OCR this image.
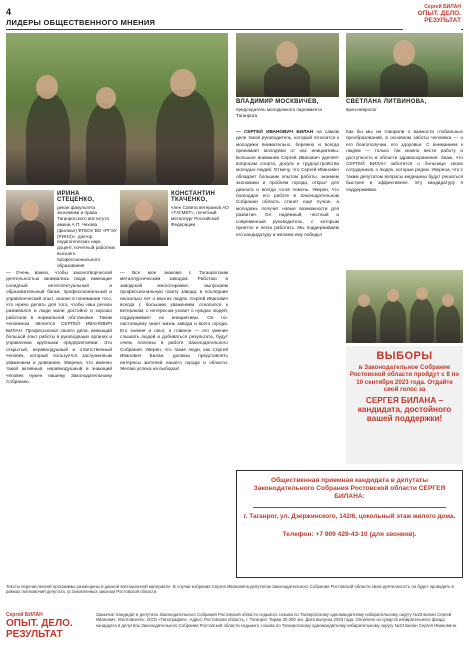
4
ЛИДЕРЫ ОБЩЕСТВЕННОГО МНЕНИЯ
Сергей БИЛАН
ОПЫТ. ДЕЛО. РЕЗУЛЬТАТ
ВЛАДИМИР МОСКВИЧЕВ,
председатель молодежного парламента Таганрога
СВЕТЛАНА ЛИТВИНОВА,
врач-невролог
ИРИНА СТЕЦЕНКО,
декан факультета экономики и права Таганрогского института имени А.П. Чехова (филиал) ФГБОУ ВО «РГЭУ (РИНХ)», доктор педагогических наук, доцент, почетный работник высшего профессионального образования
КОНСТАНТИН ТКАЧЕНКО,
член Совета ветеранов АО «ТАГМЕТ», почетный металлург Российской Федерации
— Очень важно, чтобы законотворческой деятельностью занимались люди, имеющие солидный интеллектуальный и образовательный багаж, профессиональный и управленческий опыт, знания в понимании того, что нужно делать для того, чтобы наш регион развивался и люди жили достойно и хорошо работали в нормальной обстановке. Таким человеком является СЕРГЕЙ ИВАНОВИЧ БИЛАН. Профессионал своего дела, имеющий большой опыт работы в руководящих органах и управлении крупными предприятиями. Это открытый, неравнодушный и ответственный человек, который пользуется заслуженным уважением и доверием. Уверена, что именно такой активный, неравнодушный и знающий человек нужен нашему Законодательному Собранию.
— Все мое знакомо с Таганрогским металлургическим заводом. Работаю в заводской многотиражке, выпускаем профессиональную газету завода, в последние несколько лет о многих людях. Сергей Иванович всегда с большим уважением относился к ветеранам, с интересом узнает о нуждах людей, поддерживает их инициативы. Он по-настоящему знает жизнь завода и всего города. Его знания и опыт, а главное — его умение слышать людей и добиваться результата, будут очень полезны в работе Законодательного Собрания. Уверен, что такие люди, как Сергей Иванович Билан, должны представлять интересы жителей нашего города и области. Желаю успеха на выборах!
— СЕРГЕЙ ИВАНОВИЧ БИЛАН на самом деле такой руководитель, который относится к молодежи внимательно, бережно и всегда принимает молодежи от нас инициативы. Большое внимание Сергей Иванович уделяет вопросам спорта, досуга и трудоустройства молодых людей. Отмечу, что Сергей Иванович обладает большим опытом работы, знанием экономики и проблем города, открыт для диалога и всегда готов помочь. Уверен, что благодаря его работе в Законодательном Собрании область станет ещё лучше, а молодежь получит новые возможности для развития. Он надежный, честный и современный руководитель, с которым приятно и легко работать. Мы поддерживаем его кандидатуру и желаем ему победы!
Как бы мы ни говорили о важности глобальных преобразований, в основном заботы человека — о его благополучии, его здоровье. С вниманием к людям — только так можно вести работу и доступность в области здравоохранения. Знаю, что СЕРГЕЙ БИЛАН заботится о больнице своих сотрудников, о людях, которые рядом. Уверена, что с таким депутатом вопросы медицины будут решаться быстрее и эффективнее. Эту кандидатуру я поддерживаю.
ВЫБОРЫ
в Законодательное Собрание Ростовской области пройдут с 8 по 10 сентября 2023 года. Отдайте свой голос за
СЕРГЕЯ БИЛАНА – кандидата, достойного вашей поддержки!
Общественная приемная кандидата в депутаты Законодательного Собрания Ростовской области СЕРГЕЯ БИЛАНА:
г. Таганрог, ул. Дзержинского, 142/6, цокольный этаж жилого дома.
Телефон: +7 909 429-43-10 (для звонков).
Тексты перечисленной программы размещены в данной агитационной материале. В случае избрания Сергея Ивановича депутатом Законодательного Собрания Ростовской области свою деятельность он будет проводить в рамках полномочий депутата, установленных законом Ростовской области.
Сергей БИЛАН
ОПЫТ. ДЕЛО. РЕЗУЛЬТАТ
Заказчик: Кандидат в депутаты Законодательного Собрания Ростовской области седьмого созыва по Таганрогскому одномандатному избирательному округу №23 Билан Сергей Иванович. Изготовитель: ООО «Типография». Адрес: Ростовская область, г. Таганрог. Тираж 30 000 экз. Дата выпуска 2023 года. Оплачено из средств избирательного фонда кандидата в депутаты Законодательного Собрания Ростовской области седьмого созыва по Таганрогскому одномандатному избирательному округу №23 Билан Сергея Ивановича.
